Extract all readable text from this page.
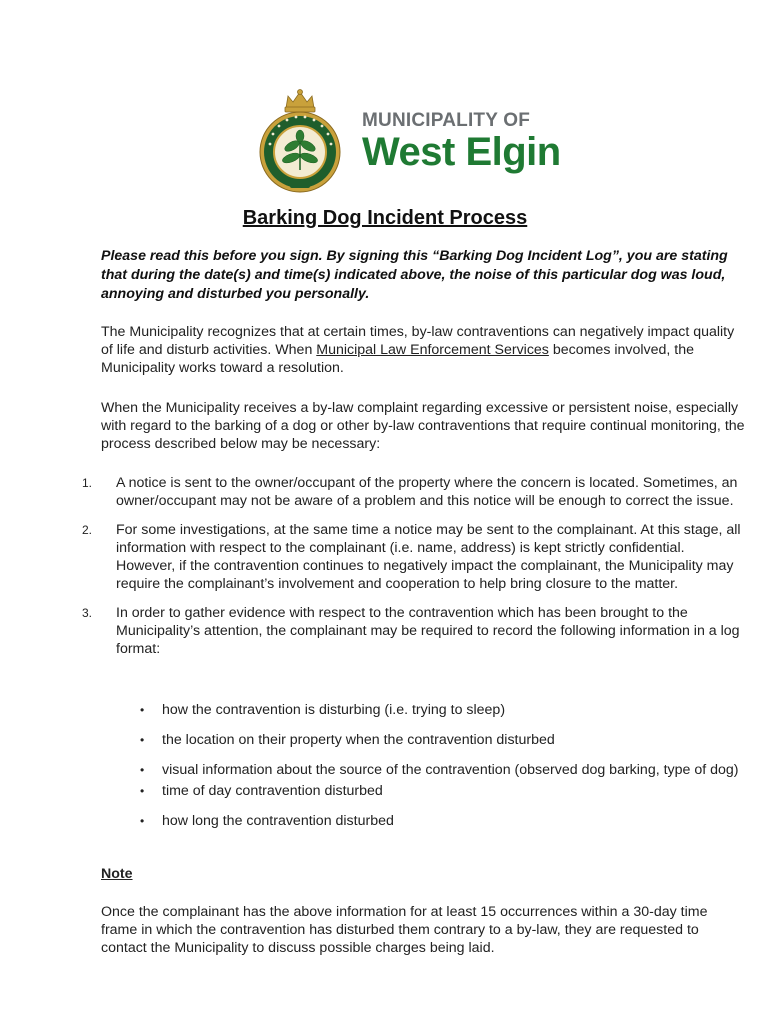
MUNICIPALITY OF
West Elgin
Barking Dog Incident Process
Please read this before you sign. By signing this “Barking Dog Incident Log”, you are stating that during the date(s) and time(s) indicated above, the noise of this particular dog was loud, annoying and disturbed you personally.
The Municipality recognizes that at certain times, by-law contraventions can negatively impact quality of life and disturb activities. When Municipal Law Enforcement Services becomes involved, the Municipality works toward a resolution.
When the Municipality receives a by-law complaint regarding excessive or persistent noise, especially with regard to the barking of a dog or other by-law contraventions that require continual monitoring, the process described below may be necessary:
1. A notice is sent to the owner/occupant of the property where the concern is located. Sometimes, an owner/occupant may not be aware of a problem and this notice will be enough to correct the issue.
2. For some investigations, at the same time a notice may be sent to the complainant. At this stage, all information with respect to the complainant (i.e. name, address) is kept strictly confidential. However, if the contravention continues to negatively impact the complainant, the Municipality may require the complainant’s involvement and cooperation to help bring closure to the matter.
3. In order to gather evidence with respect to the contravention which has been brought to the Municipality’s attention, the complainant may be required to record the following information in a log format:
• how the contravention is disturbing (i.e. trying to sleep)
• the location on their property when the contravention disturbed
• visual information about the source of the contravention (observed dog barking, type of dog)
• time of day contravention disturbed
• how long the contravention disturbed
Note
Once the complainant has the above information for at least 15 occurrences within a 30-day time frame in which the contravention has disturbed them contrary to a by-law, they are requested to contact the Municipality to discuss possible charges being laid.
